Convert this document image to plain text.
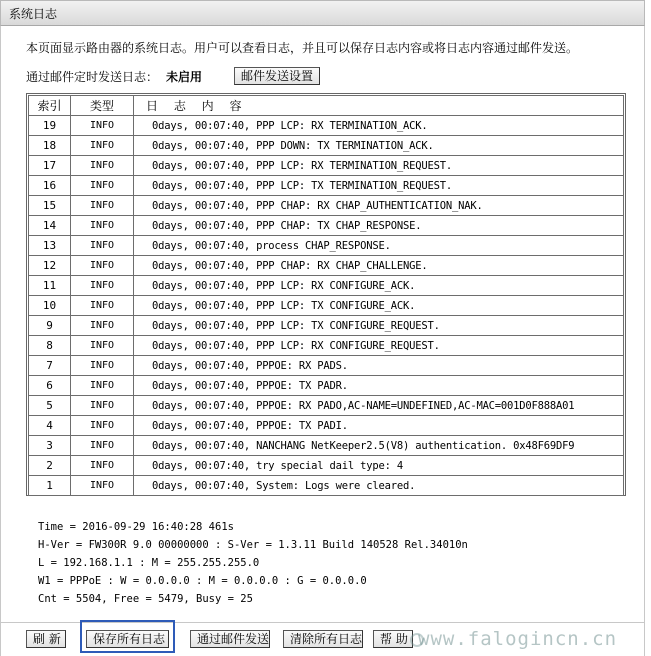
系统日志
本页面显示路由器的系统日志。用户可以查看日志，并且可以保存日志内容或将日志内容通过邮件发送。
通过邮件定时发送日志： 未启用	邮件发送设置
索引	类型	日 志 内 容
19	INFO	0days, 00:07:40, PPP LCP: RX TERMINATION_ACK.
18	INFO	0days, 00:07:40, PPP DOWN: TX TERMINATION_ACK.
17	INFO	0days, 00:07:40, PPP LCP: RX TERMINATION_REQUEST.
16	INFO	0days, 00:07:40, PPP LCP: TX TERMINATION_REQUEST.
15	INFO	0days, 00:07:40, PPP CHAP: RX CHAP_AUTHENTICATION_NAK.
14	INFO	0days, 00:07:40, PPP CHAP: TX CHAP_RESPONSE.
13	INFO	0days, 00:07:40, process CHAP_RESPONSE.
12	INFO	0days, 00:07:40, PPP CHAP: RX CHAP_CHALLENGE.
11	INFO	0days, 00:07:40, PPP LCP: RX CONFIGURE_ACK.
10	INFO	0days, 00:07:40, PPP LCP: TX CONFIGURE_ACK.
9	INFO	0days, 00:07:40, PPP LCP: TX CONFIGURE_REQUEST.
8	INFO	0days, 00:07:40, PPP LCP: RX CONFIGURE_REQUEST.
7	INFO	0days, 00:07:40, PPPOE: RX PADS.
6	INFO	0days, 00:07:40, PPPOE: TX PADR.
5	INFO	0days, 00:07:40, PPPOE: RX PADO,AC-NAME=UNDEFINED,AC-MAC=001D0F888A01
4	INFO	0days, 00:07:40, PPPOE: TX PADI.
3	INFO	0days, 00:07:40, NANCHANG NetKeeper2.5(V8) authentication. 0x48F69DF9
2	INFO	0days, 00:07:40, try special dail type: 4
1	INFO	0days, 00:07:40, System: Logs were cleared.
Time = 2016-09-29 16:40:28 461s
H-Ver = FW300R 9.0 00000000 : S-Ver = 1.3.11 Build 140528 Rel.34010n
L = 192.168.1.1 : M = 255.255.255.0
W1 = PPPoE : W = 0.0.0.0 : M = 0.0.0.0 : G = 0.0.0.0
Cnt = 5504, Free = 5479, Busy = 25
刷 新	保存所有日志	通过邮件发送	清除所有日志	帮 助 www.falogincn.cn
